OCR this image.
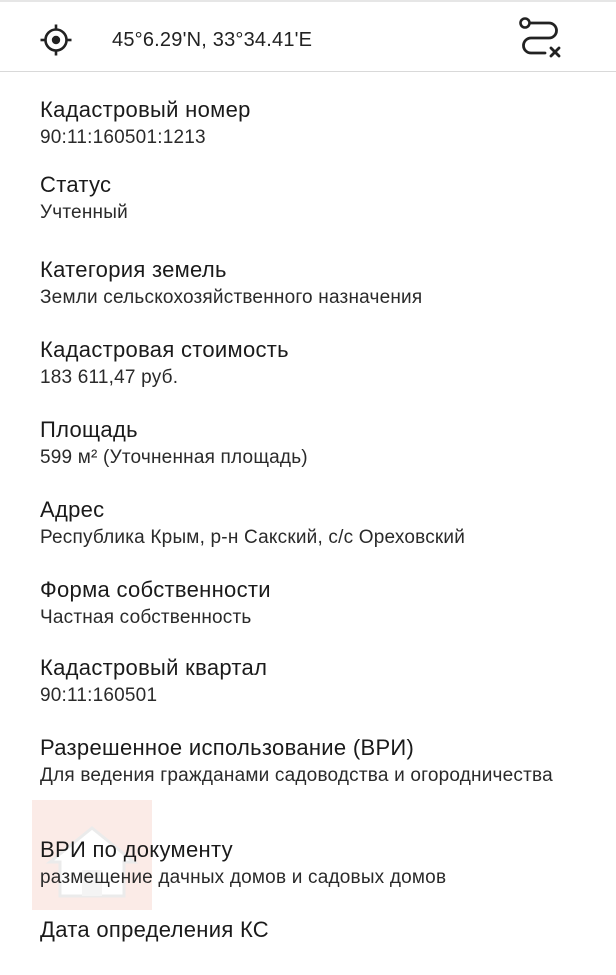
45°6.29'N, 33°34.41'E
Кадастровый номер
90:11:160501:1213
Статус
Учтенный
Категория земель
Земли сельскохозяйственного назначения
Кадастровая стоимость
183 611,47 руб.
Площадь
599 м² (Уточненная площадь)
Адрес
Республика Крым, р-н Сакский, с/с Ореховский
Форма собственности
Частная собственность
Кадастровый квартал
90:11:160501
Разрешенное использование (ВРИ)
Для ведения гражданами садоводства и огородничества
ВРИ по документу
размещение дачных домов и садовых домов
Дата определения КС
